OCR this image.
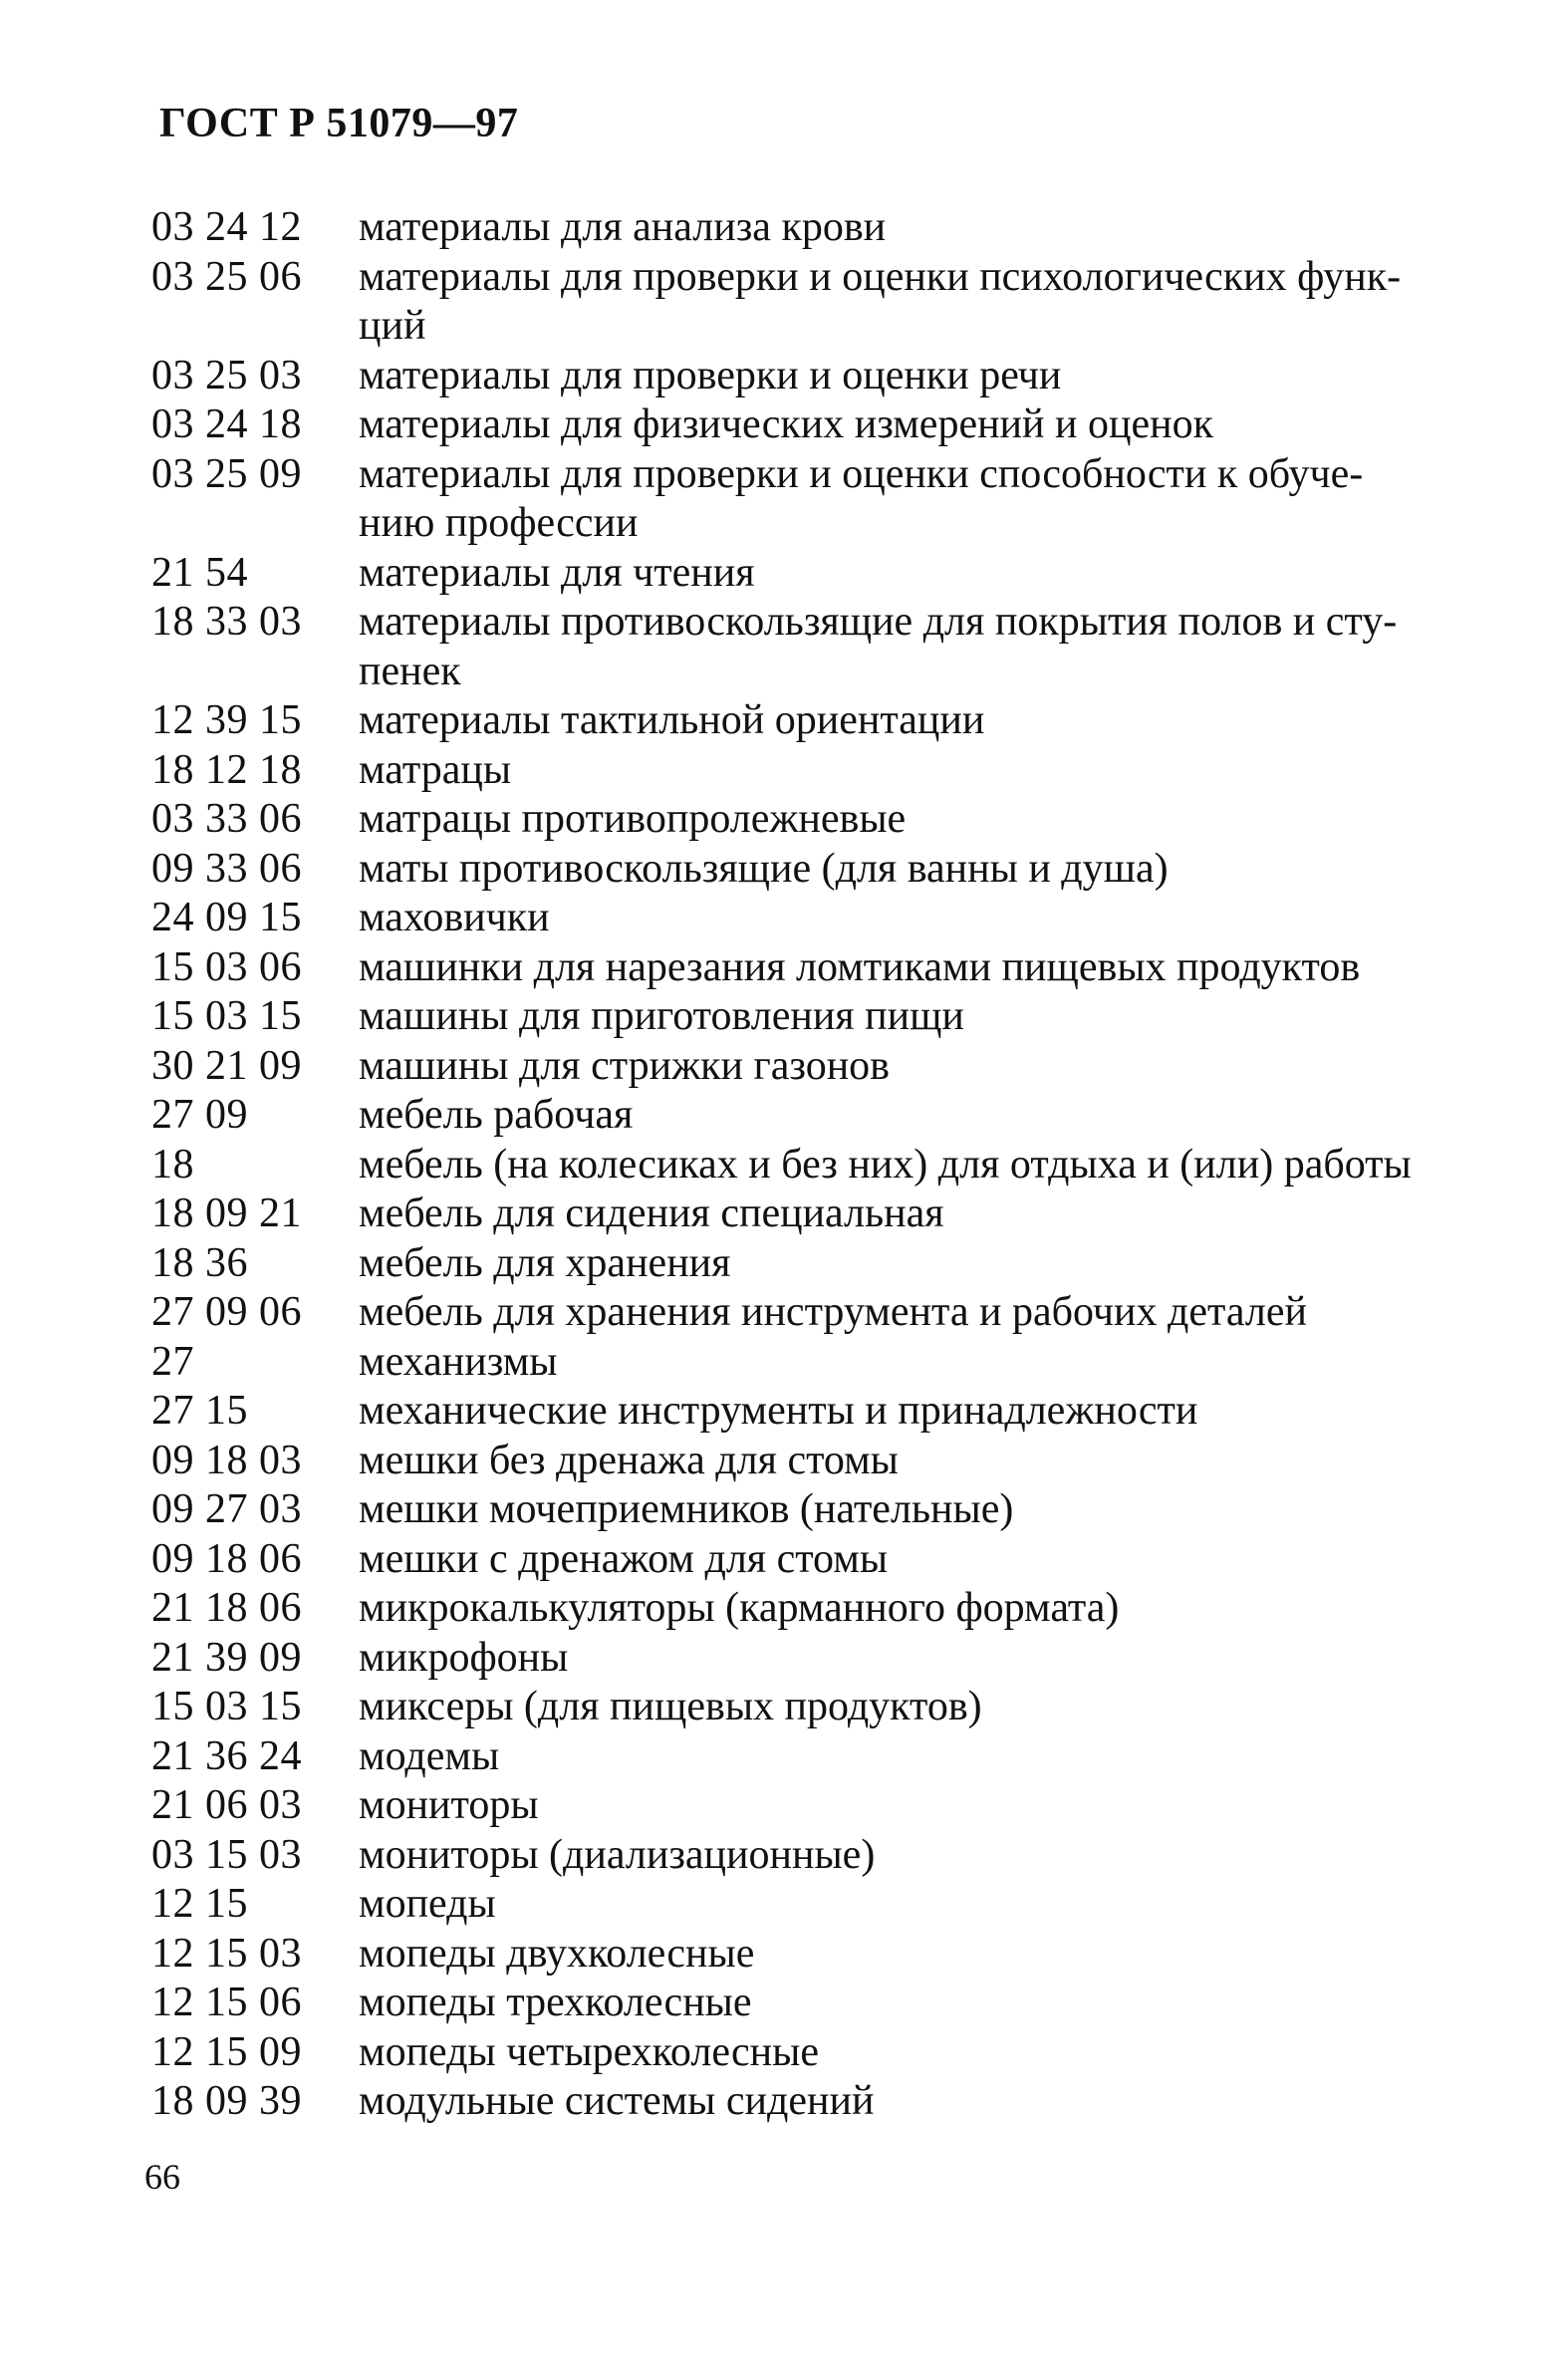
ГОСТ Р 51079—97
03 24 12	материалы для анализа крови
03 25 06	материалы для проверки и оценки психологических функ-
ций
03 25 03	материалы для проверки и оценки речи
03 24 18	материалы для физических измерений и оценок
03 25 09	материалы для проверки и оценки способности к обуче-
нию профессии
21 54	материалы для чтения
18 33 03	материалы противоскользящие для покрытия полов и сту-
пенек
12 39 15	материалы тактильной ориентации
18 12 18	матрацы
03 33 06	матрацы противопролежневые
09 33 06	маты противоскользящие (для ванны и душа)
24 09 15	маховички
15 03 06	машинки для нарезания ломтиками пищевых продуктов
15 03 15	машины для приготовления пищи
30 21 09	машины для стрижки газонов
27 09	мебель рабочая
18	мебель (на колесиках и без них) для отдыха и (или) работы
18 09 21	мебель для сидения специальная
18 36	мебель для хранения
27 09 06	мебель для хранения инструмента и рабочих деталей
27	механизмы
27 15	механические инструменты и принадлежности
09 18 03	мешки без дренажа для стомы
09 27 03	мешки мочеприемников (нательные)
09 18 06	мешки с дренажом для стомы
21 18 06	микрокалькуляторы (карманного формата)
21 39 09	микрофоны
15 03 15	миксеры (для пищевых продуктов)
21 36 24	модемы
21 06 03	мониторы
03 15 03	мониторы (диализационные)
12 15	мопеды
12 15 03	мопеды двухколесные
12 15 06	мопеды трехколесные
12 15 09	мопеды четырехколесные
18 09 39	модульные системы сидений
66
